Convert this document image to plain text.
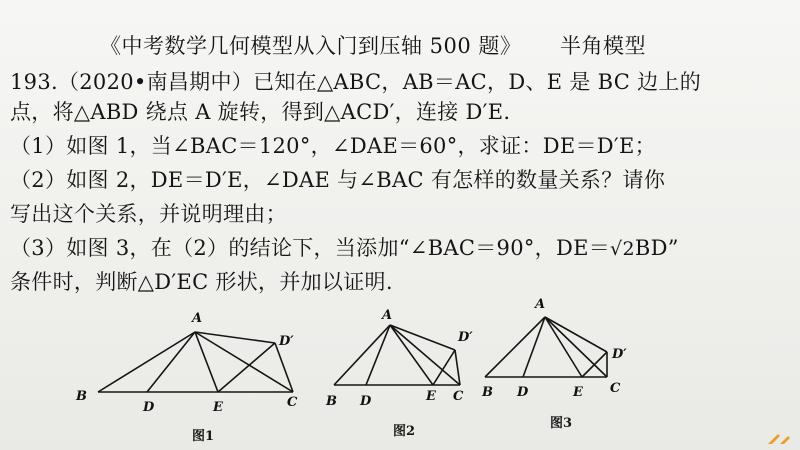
《中考数学几何模型从入门到压轴 500 题》 半角模型
193.（2020•南昌期中）已知在△ABC，AB＝AC，D、E 是 BC 边上的
点，将△ABD 绕点 A 旋转，得到△ACD′，连接 D′E.
（1）如图 1，当∠BAC＝120°，∠DAE＝60°，求证：DE＝D′E；
（2）如图 2，DE＝D′E，∠DAE 与∠BAC 有怎样的数量关系？请你
写出这个关系，并说明理由；
（3）如图 3，在（2）的结论下，当添加“∠BAC＝90°，DE＝√2BD”
条件时，判断△D′EC 形状，并加以证明.
A
B
D	E	C
D′
图1
A
B D	E C
D′
图2
A
B D	E C
D′
图3
